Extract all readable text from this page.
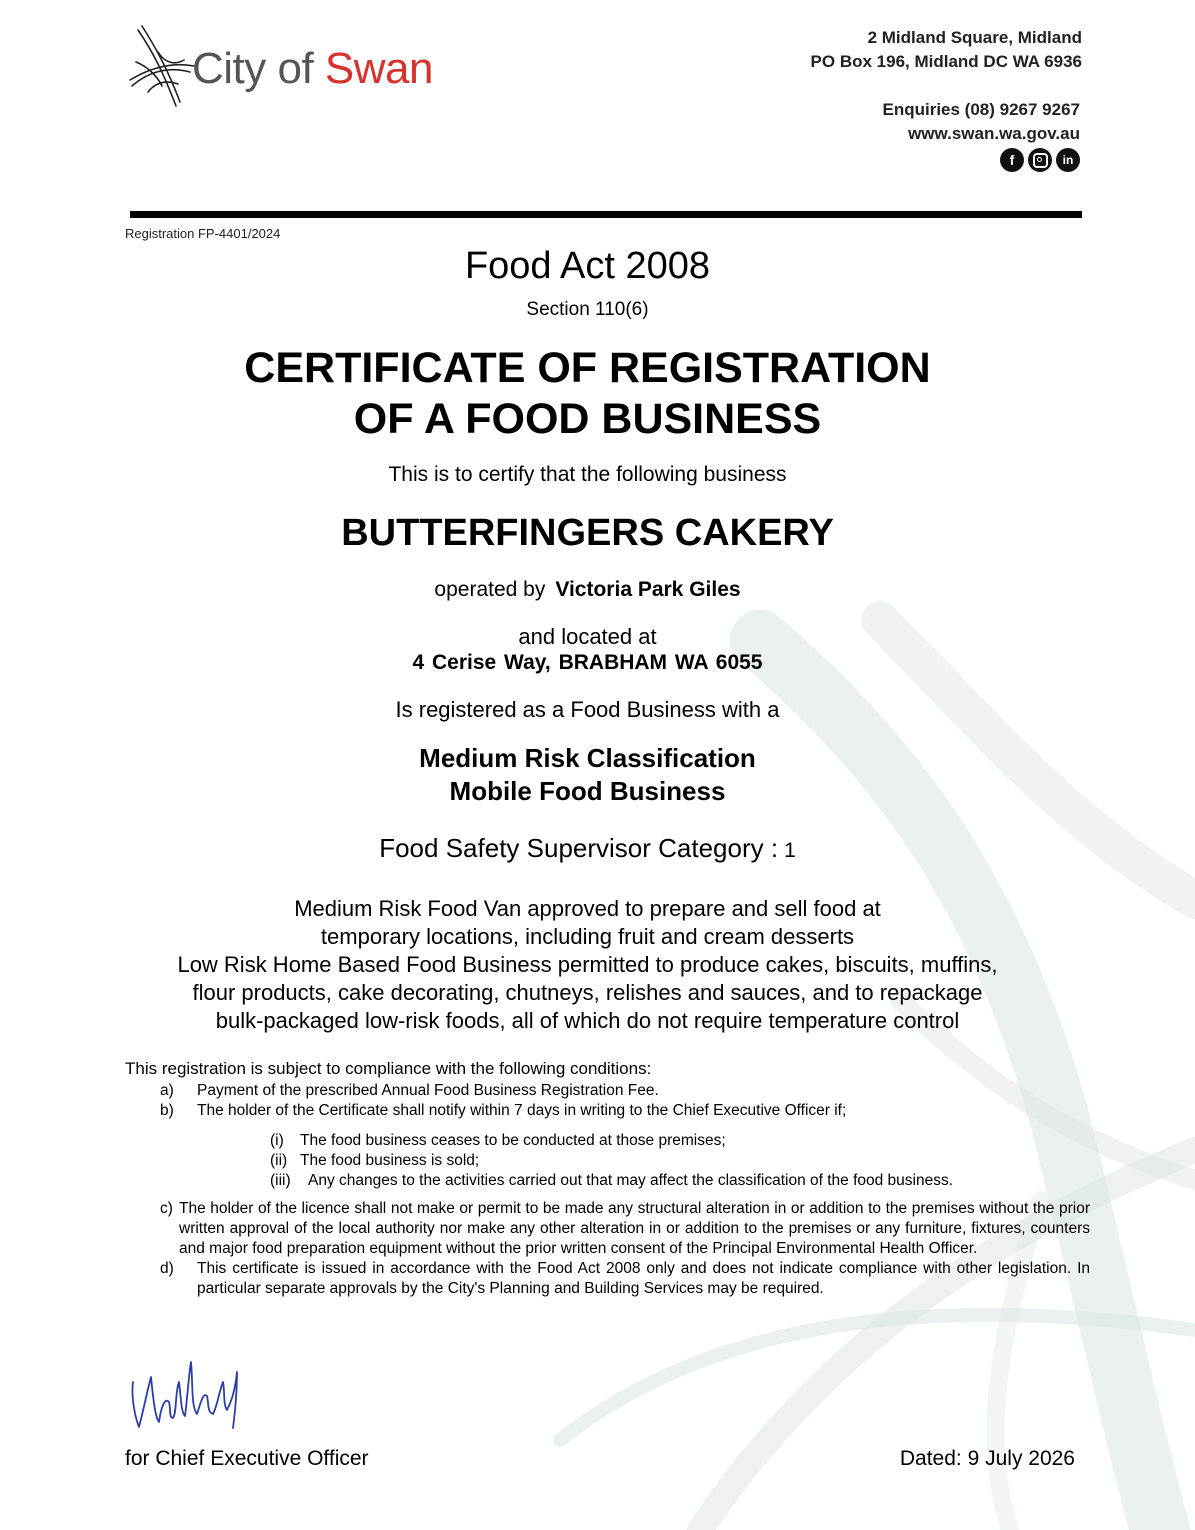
City of Swan
2 Midland Square, Midland
PO Box 196, Midland DC WA 6936
Enquiries (08) 9267 9267
www.swan.wa.gov.au
f	in
Registration FP-4401/2024
Food Act 2008
Section 110(6)
CERTIFICATE OF REGISTRATION
OF A FOOD BUSINESS
This is to certify that the following business
BUTTERFINGERS CAKERY
operated by Victoria Park Giles
and located at
4 Cerise Way, BRABHAM WA 6055
Is registered as a Food Business with a
Medium Risk Classification
Mobile Food Business
Food Safety Supervisor Category : 1
Medium Risk Food Van approved to prepare and sell food at
temporary locations, including fruit and cream desserts
Low Risk Home Based Food Business permitted to produce cakes, biscuits, muffins,
flour products, cake decorating, chutneys, relishes and sauces, and to repackage
bulk-packaged low-risk foods, all of which do not require temperature control
This registration is subject to compliance with the following conditions:
a)	Payment of the prescribed Annual Food Business Registration Fee.
b)	The holder of the Certificate shall notify within 7 days in writing to the Chief Executive Officer if;
(i)	The food business ceases to be conducted at those premises;
(ii) The food business is sold;
(iii)	Any changes to the activities carried out that may affect the classification of the food business.
c) The holder of the licence shall not make or permit to be made any structural alteration in or addition to the premises without the prior written approval of the local authority nor make any other alteration in or addition to the premises or any furniture, fixtures, counters and major food preparation equipment without the prior written consent of the Principal Environmental Health Officer.
d)	This certificate is issued in accordance with the Food Act 2008 only and does not indicate compliance with other legislation. In particular separate approvals by the City's Planning and Building Services may be required.
for Chief Executive Officer	Dated: 9 July 2026
